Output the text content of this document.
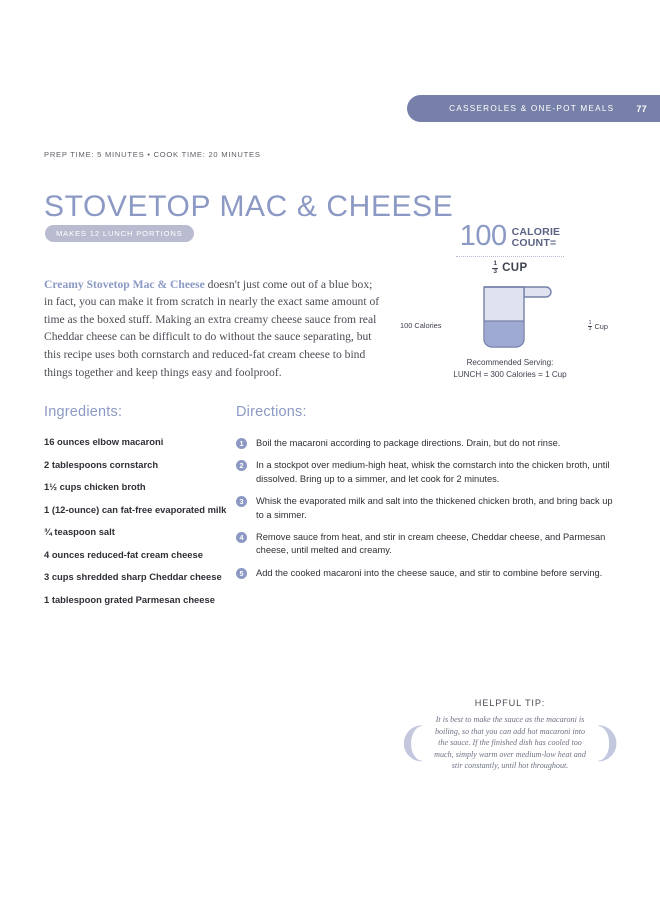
CASSEROLES & ONE-POT MEALS 77
PREP TIME: 5 MINUTES • COOK TIME: 20 MINUTES
STOVETOP MAC & CHEESE
MAKES 12 LUNCH PORTIONS

Creamy Stovetop Mac & Cheese doesn't just come out of a blue box; in fact, you can make it from scratch in nearly the exact same amount of time as the boxed stuff. Making an extra creamy cheese sauce from real Cheddar cheese can be difficult to do without the sauce separating, but this recipe uses both cornstarch and reduced-fat cream cheese to bind things together and keep things easy and foolproof.

100 CALORIE
COUNT=
$\frac{1}{3}$ CUP
100 Calories	$\frac{1}{3}$ Cup
Recommended Serving:
LUNCH = 300 Calories = 1 Cup
Ingredients:
16 ounces elbow macaroni
2 tablespoons cornstarch
1½ cups chicken broth
1 (12-ounce) can fat-free evaporated milk
¾ teaspoon salt
4 ounces reduced-fat cream cheese
3 cups shredded sharp Cheddar cheese
1 tablespoon grated Parmesan cheese
Directions:
1	Boil the macaroni according to package directions. Drain, but do not rinse.
2	In a stockpot over medium-high heat, whisk the cornstarch into the chicken broth, until dissolved. Bring up to a simmer, and let cook for 2 minutes.
3	Whisk the evaporated milk and salt into the thickened chicken broth, and bring back up to a simmer.
4	Remove sauce from heat, and stir in cream cheese, Cheddar cheese, and Parmesan cheese, until melted and creamy.
5	Add the cooked macaroni into the cheese sauce, and stir to combine before serving.
HELPFUL TIP:
❨
It is best to make the sauce as the macaroni is boiling, so that you can add hot macaroni into the sauce. If the finished dish has cooled too much, simply warm over medium-low heat and stir constantly, until hot throughout.
❩
